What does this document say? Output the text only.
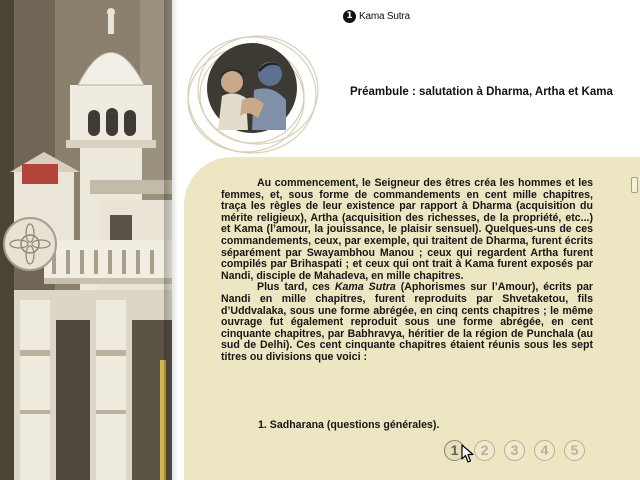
1 Kama Sutra
Préambule : salutation à Dharma, Artha et Kama

Au commencement, le Seigneur des êtres créa les hommes et les femmes, et, sous forme de commandements en cent mille chapitres, traça les règles de leur existence par rapport à Dharma (acquisition du mérite religieux), Artha (acquisition des richesses, de la propriété, etc...) et Kama (l’amour, la jouissance, le plaisir sensuel). Quelques-uns de ces commandements, ceux, par exemple, qui traitent de Dharma, furent écrits séparément par Swayambhou Manou ; ceux qui regardent Artha furent compilés par Brihaspati ; et ceux qui ont trait à Kama furent exposés par Nandi, disciple de Mahadeva, en mille chapitres.

Plus tard, ces Kama Sutra (Aphorismes sur l’Amour), écrits par Nandi en mille chapitres, furent reproduits par Shvetaketou, fils d’Uddvalaka, sous une forme abrégée, en cinq cents chapitres ; le même ouvrage fut également reproduit sous une forme abrégée, en cent cinquante chapitres, par Babhravya, héritier de la région de Punchala (au sud de Delhi). Ces cent cinquante chapitres étaient réunis sous les sept titres ou divisions que voici :

1. Sadharana (questions générales).
1	2	3	4	5
